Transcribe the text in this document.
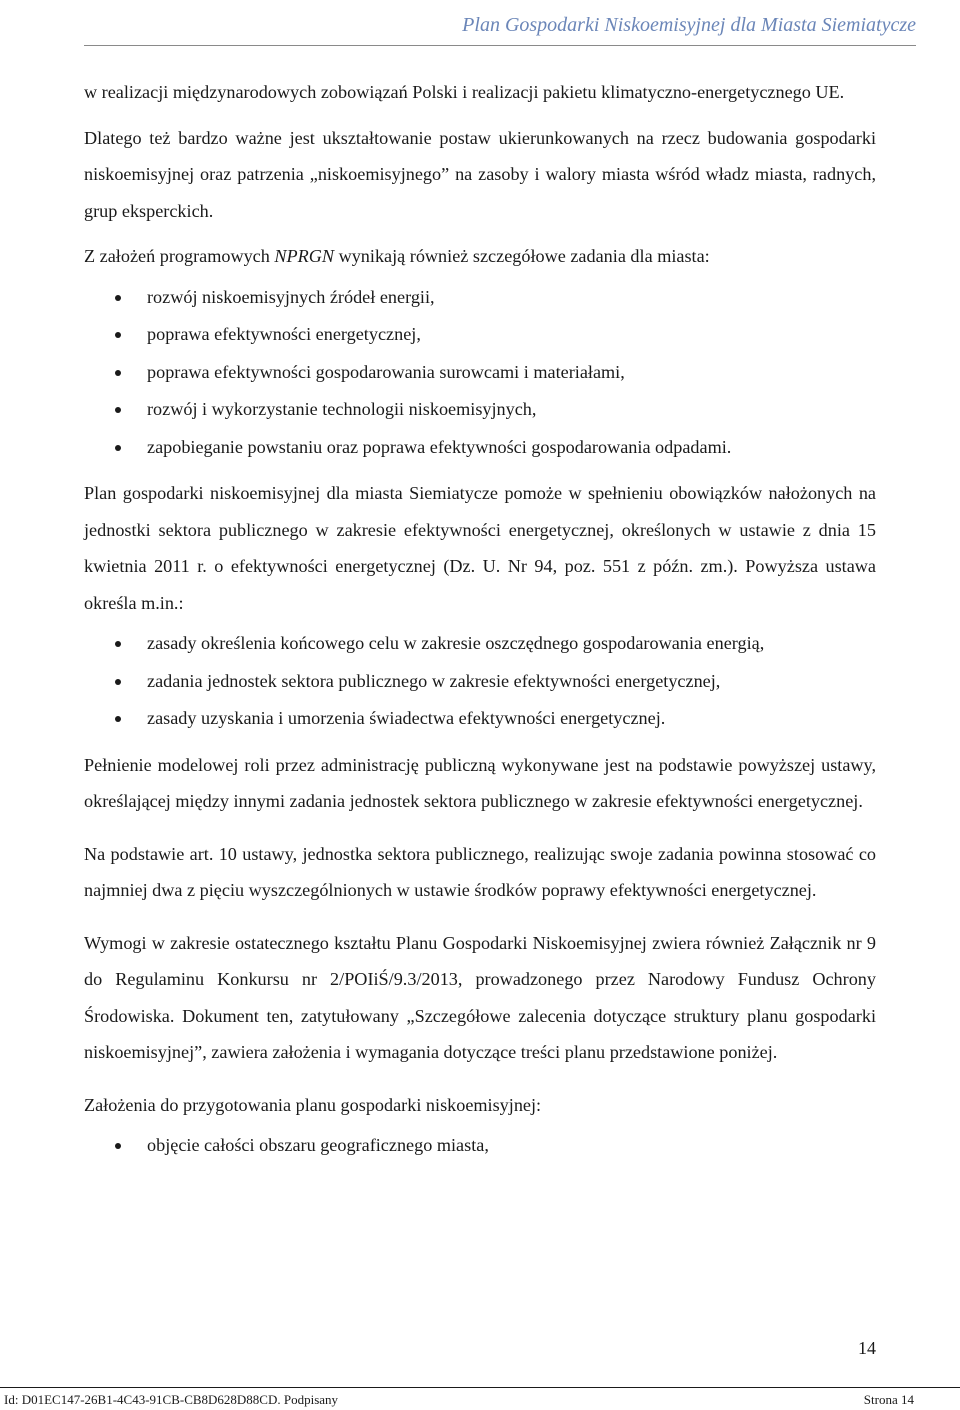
Plan Gospodarki Niskoemisyjnej dla Miasta Siemiatycze

w realizacji międzynarodowych zobowiązań Polski i realizacji pakietu klimatyczno-energetycznego UE.

Dlatego też bardzo ważne jest ukształtowanie postaw ukierunkowanych na rzecz budowania gospodarki niskoemisyjnej oraz patrzenia „niskoemisyjnego” na zasoby i walory miasta wśród władz miasta, radnych, grup eksperckich.

Z założeń programowych NPRGN wynikają również szczegółowe zadania dla miasta:

rozwój niskoemisyjnych źródeł energii,
poprawa efektywności energetycznej,
poprawa efektywności gospodarowania surowcami i materiałami,
rozwój i wykorzystanie technologii niskoemisyjnych,
zapobieganie powstaniu oraz poprawa efektywności gospodarowania odpadami.

Plan gospodarki niskoemisyjnej dla miasta Siemiatycze pomoże w spełnieniu obowiązków nałożonych na jednostki sektora publicznego w zakresie efektywności energetycznej, określonych w ustawie z dnia 15 kwietnia 2011 r. o efektywności energetycznej (Dz. U. Nr 94, poz. 551 z późn. zm.). Powyższa ustawa określa m.in.:

zasady określenia końcowego celu w zakresie oszczędnego gospodarowania energią,
zadania jednostek sektora publicznego w zakresie efektywności energetycznej,
zasady uzyskania i umorzenia świadectwa efektywności energetycznej.

Pełnienie modelowej roli przez administrację publiczną wykonywane jest na podstawie powyższej ustawy, określającej między innymi zadania jednostek sektora publicznego w zakresie efektywności energetycznej.

Na podstawie art. 10 ustawy, jednostka sektora publicznego, realizując swoje zadania powinna stosować co najmniej dwa z pięciu wyszczególnionych w ustawie środków poprawy efektywności energetycznej.

Wymogi w zakresie ostatecznego kształtu Planu Gospodarki Niskoemisyjnej zwiera również Załącznik nr 9 do Regulaminu Konkursu nr 2/POIiŚ/9.3/2013, prowadzonego przez Narodowy Fundusz Ochrony Środowiska. Dokument ten, zatytułowany „Szczegółowe zalecenia dotyczące struktury planu gospodarki niskoemisyjnej”, zawiera założenia i wymagania dotyczące treści planu przedstawione poniżej.

Założenia do przygotowania planu gospodarki niskoemisyjnej:

objęcie całości obszaru geograficznego miasta,
14
Id: D01EC147-26B1-4C43-91CB-CB8D628D88CD. Podpisany	Strona 14
